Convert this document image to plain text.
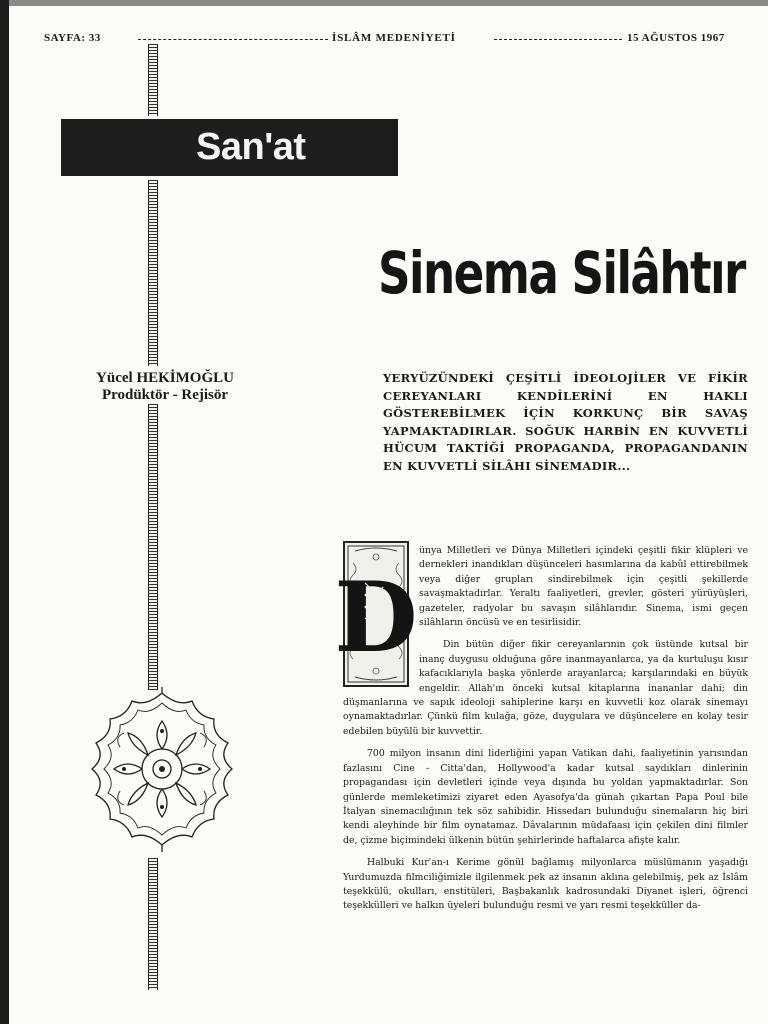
SAYFA: 33	İSLÂM MEDENİYETİ	15 AĞUSTOS 1967
San'at
Sinema Silâhtır
Yücel HEKİMOĞLU
Prodüktör - Rejisör
YERYÜZÜNDEKİ ÇEŞİTLİ İDEOLOJİLER VE FİKİR CEREYANLARI KENDİLERİNİ EN HAKLI GÖSTEREBİLMEK İÇİN KORKUNÇ BİR SAVAŞ YAPMAKTADIRLAR. SOĞUK HARBİN EN KUVVETLİ HÜCUM TAKTİĞİ PROPAGANDA, PROPAGANDANIN EN KUVVETLİ SİLÂHI SİNEMADIR...
D

ünya Milletleri ve Dünya Milletleri içindeki çeşitli fikir klüpleri ve dernekleri inandıkları düşünceleri hasımlarına da kabûl ettirebilmek veya diğer grupları sindirebilmek için çeşitli şekillerde savaşmaktadırlar. Yeraltı faaliyetleri, grevler, gösteri yürüyüşleri, gazeteler, radyolar bu savaşın silâhlarıdır. Sinema, ismi geçen silâhların öncüsü ve en tesirlisidir.

Din bütün diğer fikir cereyanlarının çok üstünde kutsal bir inanç duygusu olduğuna göre inanmayanlarca, ya da kurtuluşu kısır kafacıklarıyla başka yönlerde arayanlarca; karşılarındaki en büyük engeldir. Allah'ın önceki kutsal kitaplarına inananlar dahi; din düşmanlarına ve sapık ideoloji sahiplerine karşı en kuvvetli koz olarak sinemayı oynamaktadırlar. Çünkü film kulağa, göze, duygulara ve düşüncelere en kolay tesir edebilen büyülü bir kuvvettir.

700 milyon insanın dini liderliğini yapan Vatikan dahi, faaliyetinin yarısından fazlasını Cine - Citta'dan, Hollywood'a kadar kutsal saydıkları dinlerinin propagandası için devletleri içinde veya dışında bu yoldan yapmaktadırlar. Son günlerde memleketimizi ziyaret eden Ayasofya'da günah çıkartan Papa Poul bile İtalyan sinemacılığının tek söz sahibidir. Hissedarı bulunduğu sinemaların hiç biri kendi aleyhinde bir film oynatamaz. Dâvalarının müdafaası için çekilen dini filmler de, çizme biçimindeki ülkenin bütün şehirlerinde haftalarca afişte kalır.

Halbuki Kur'an-ı Kerime gönül bağlamış milyonlarca müslümanın yaşadığı Yurdumuzda filmciliğimizle ilgilenmek pek az insanın aklına gelebilmiş, pek az İslâm teşekkülü, okulları, enstitüleri, Başbakanlık kadrosundaki Diyanet işleri, öğrenci teşekkülleri ve halkın üyeleri bulunduğu resmi ve yarı resmi teşekküller da-
